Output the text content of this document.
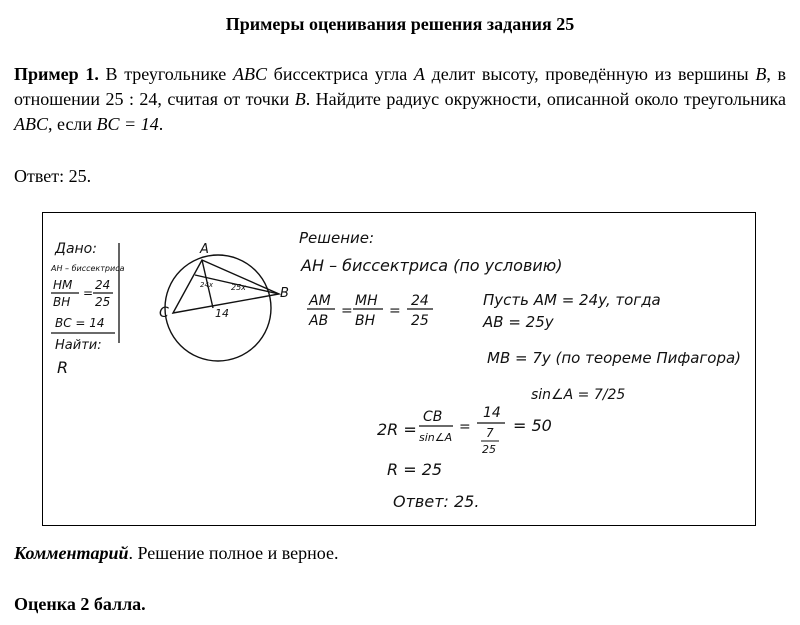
Примеры оценивания решения задания 25
Пример 1. В треугольнике ABC биссектриса угла A делит высоту, проведённую из вершины B, в отношении 25 : 24, считая от точки B. Найдите радиус окружности, описанной около треугольника ABC, если BC = 14.
Ответ: 25.
Дано:
AH – биссектриса
HM
BH
=
24
25
BC = 14
Найти:
R
A
B
C	14
24x 25x
Решение:
AH – биссектриса (по условию)
AM
AB
=
MH
BH
=
24
25
Пусть AM = 24y, тогда
AB = 25y
MB = 7y (по теореме Пифагора)
sin∠A = 7/25
2R =
CB
sin∠A
=
14
7
25
= 50
R = 25
Ответ: 25.
Комментарий. Решение полное и верное.
Оценка 2 балла.
